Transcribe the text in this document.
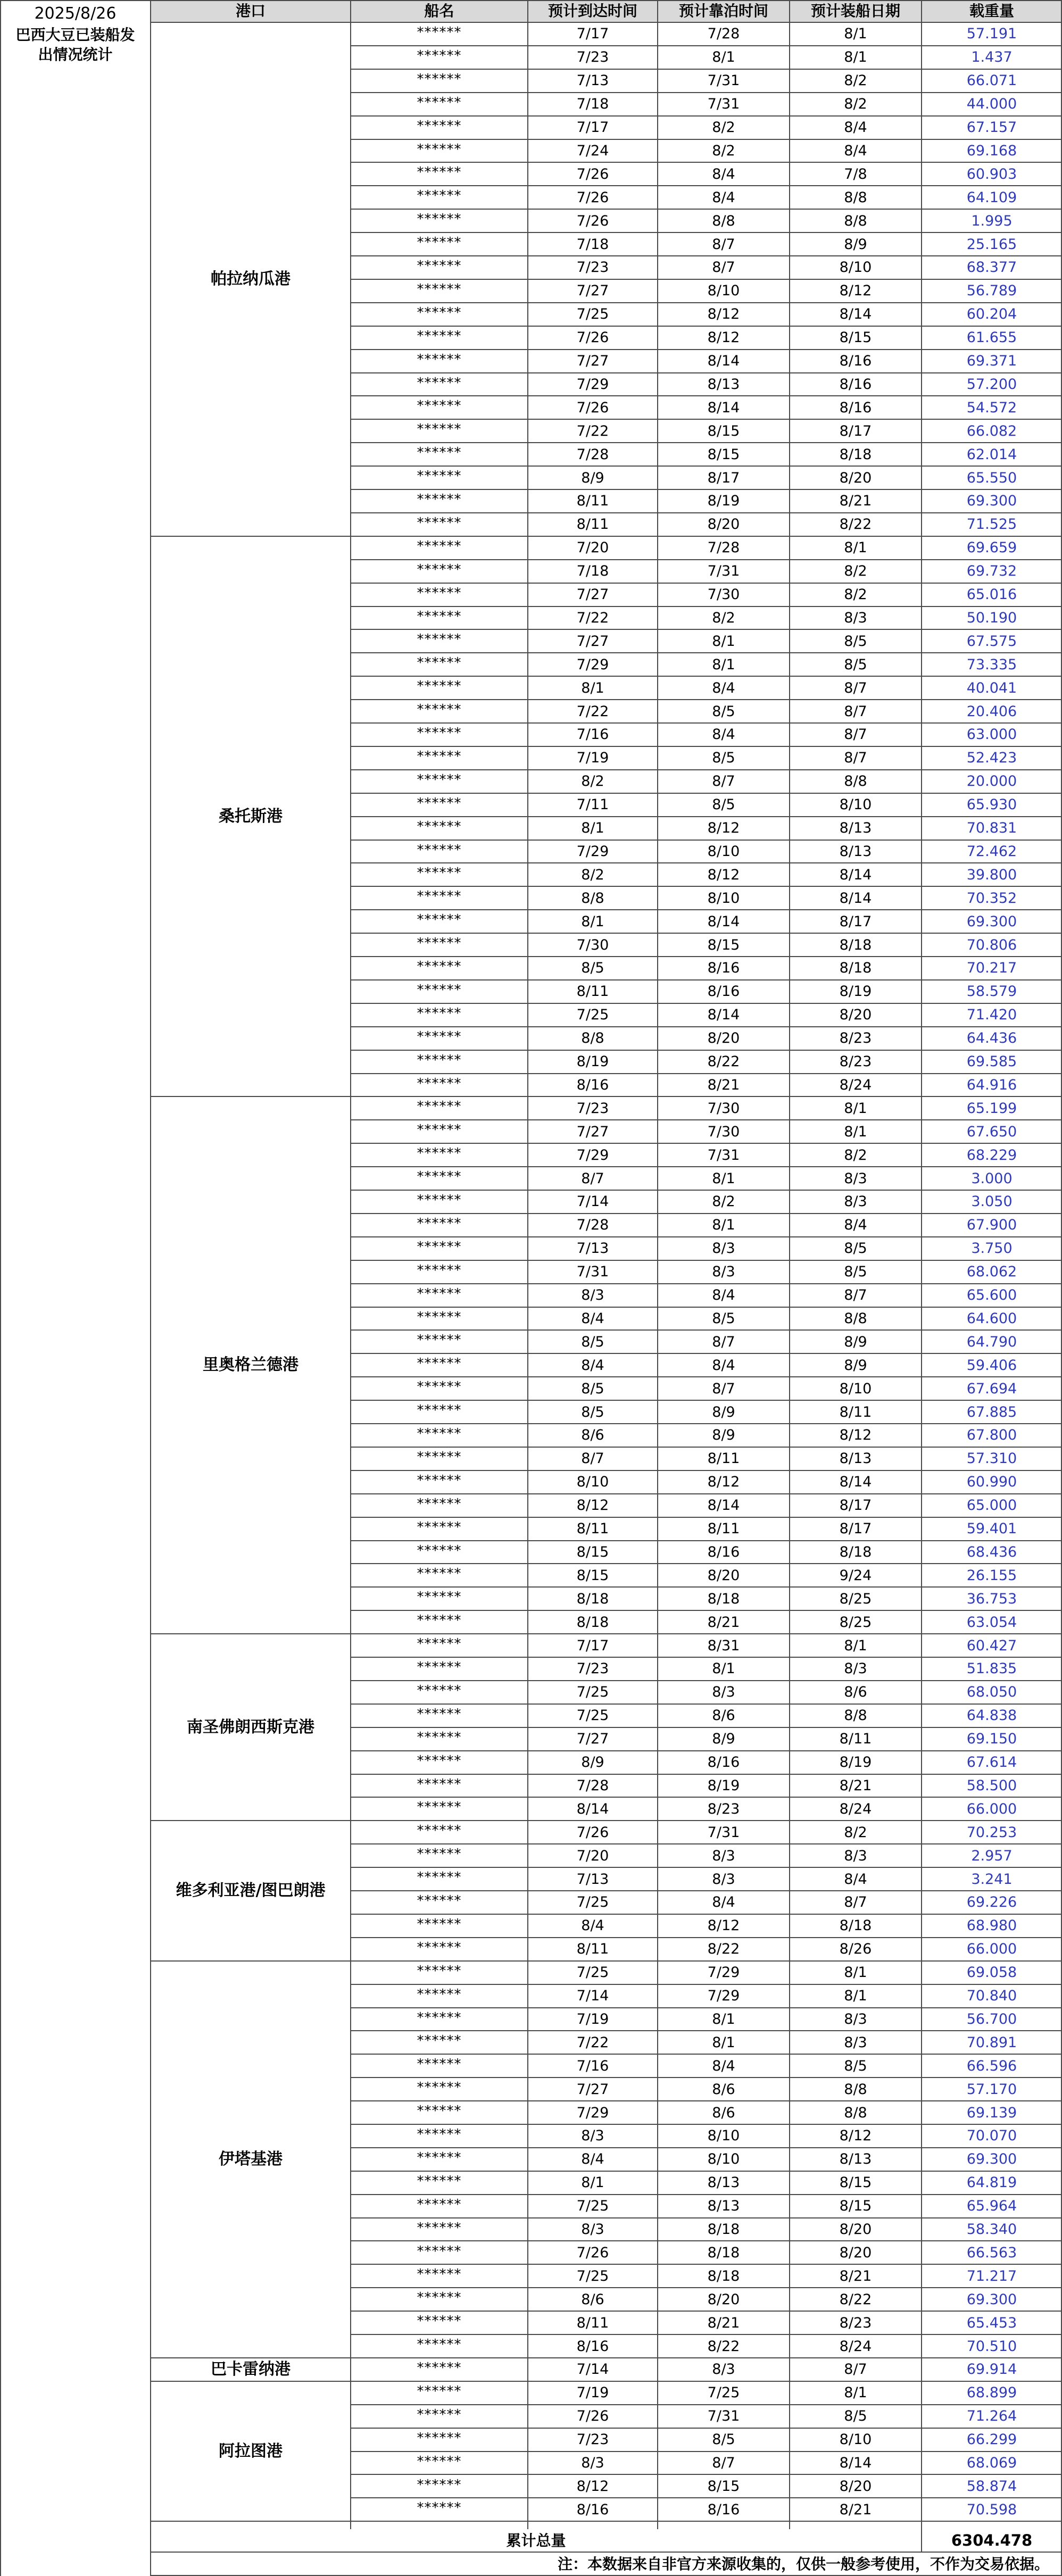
2025/8/26
巴西大豆已装船发
出情况统计
港口	船名	预计到达时间	预计靠泊时间	预计装船日期	载重量
帕拉纳瓜港
******	7/17	7/28	8/1	57.191
******	7/23	8/1	8/1	1.437
******	7/13	7/31	8/2	66.071
******	7/18	7/31	8/2	44.000
******	7/17	8/2	8/4	67.157
******	7/24	8/2	8/4	69.168
******	7/26	8/4	7/8	60.903
******	7/26	8/4	8/8	64.109
******	7/26	8/8	8/8	1.995
******	7/18	8/7	8/9	25.165
******	7/23	8/7	8/10	68.377
******	7/27	8/10	8/12	56.789
******	7/25	8/12	8/14	60.204
******	7/26	8/12	8/15	61.655
******	7/27	8/14	8/16	69.371
******	7/29	8/13	8/16	57.200
******	7/26	8/14	8/16	54.572
******	7/22	8/15	8/17	66.082
******	7/28	8/15	8/18	62.014
******	8/9	8/17	8/20	65.550
******	8/11	8/19	8/21	69.300
******	8/11	8/20	8/22	71.525
桑托斯港
******	7/20	7/28	8/1	69.659
******	7/18	7/31	8/2	69.732
******	7/27	7/30	8/2	65.016
******	7/22	8/2	8/3	50.190
******	7/27	8/1	8/5	67.575
******	7/29	8/1	8/5	73.335
******	8/1	8/4	8/7	40.041
******	7/22	8/5	8/7	20.406
******	7/16	8/4	8/7	63.000
******	7/19	8/5	8/7	52.423
******	8/2	8/7	8/8	20.000
******	7/11	8/5	8/10	65.930
******	8/1	8/12	8/13	70.831
******	7/29	8/10	8/13	72.462
******	8/2	8/12	8/14	39.800
******	8/8	8/10	8/14	70.352
******	8/1	8/14	8/17	69.300
******	7/30	8/15	8/18	70.806
******	8/5	8/16	8/18	70.217
******	8/11	8/16	8/19	58.579
******	7/25	8/14	8/20	71.420
******	8/8	8/20	8/23	64.436
******	8/19	8/22	8/23	69.585
******	8/16	8/21	8/24	64.916
里奥格兰德港
******	7/23	7/30	8/1	65.199
******	7/27	7/30	8/1	67.650
******	7/29	7/31	8/2	68.229
******	8/7	8/1	8/3	3.000
******	7/14	8/2	8/3	3.050
******	7/28	8/1	8/4	67.900
******	7/13	8/3	8/5	3.750
******	7/31	8/3	8/5	68.062
******	8/3	8/4	8/7	65.600
******	8/4	8/5	8/8	64.600
******	8/5	8/7	8/9	64.790
******	8/4	8/4	8/9	59.406
******	8/5	8/7	8/10	67.694
******	8/5	8/9	8/11	67.885
******	8/6	8/9	8/12	67.800
******	8/7	8/11	8/13	57.310
******	8/10	8/12	8/14	60.990
******	8/12	8/14	8/17	65.000
******	8/11	8/11	8/17	59.401
******	8/15	8/16	8/18	68.436
******	8/15	8/20	9/24	26.155
******	8/18	8/18	8/25	36.753
******	8/18	8/21	8/25	63.054
南圣佛朗西斯克港
******	7/17	8/31	8/1	60.427
******	7/23	8/1	8/3	51.835
******	7/25	8/3	8/6	68.050
******	7/25	8/6	8/8	64.838
******	7/27	8/9	8/11	69.150
******	8/9	8/16	8/19	67.614
******	7/28	8/19	8/21	58.500
******	8/14	8/23	8/24	66.000
维多利亚港/图巴朗港
******	7/26	7/31	8/2	70.253
******	7/20	8/3	8/3	2.957
******	7/13	8/3	8/4	3.241
******	7/25	8/4	8/7	69.226
******	8/4	8/12	8/18	68.980
******	8/11	8/22	8/26	66.000
伊塔基港
******	7/25	7/29	8/1	69.058
******	7/14	7/29	8/1	70.840
******	7/19	8/1	8/3	56.700
******	7/22	8/1	8/3	70.891
******	7/16	8/4	8/5	66.596
******	7/27	8/6	8/8	57.170
******	7/29	8/6	8/8	69.139
******	8/3	8/10	8/12	70.070
******	8/4	8/10	8/13	69.300
******	8/1	8/13	8/15	64.819
******	7/25	8/13	8/15	65.964
******	8/3	8/18	8/20	58.340
******	7/26	8/18	8/20	66.563
******	7/25	8/18	8/21	71.217
******	8/6	8/20	8/22	69.300
******	8/11	8/21	8/23	65.453
******	8/16	8/22	8/24	70.510
巴卡雷纳港	******	7/14	8/3	8/7	69.914
阿拉图港
******	7/19	7/25	8/1	68.899
******	7/26	7/31	8/5	71.264
******	7/23	8/5	8/10	66.299
******	8/3	8/7	8/14	68.069
******	8/12	8/15	8/20	58.874
******	8/16	8/16	8/21	70.598
累计总量	6304.478
注：本数据来自非官方来源收集的，仅供一般参考使用，不作为交易依据。
